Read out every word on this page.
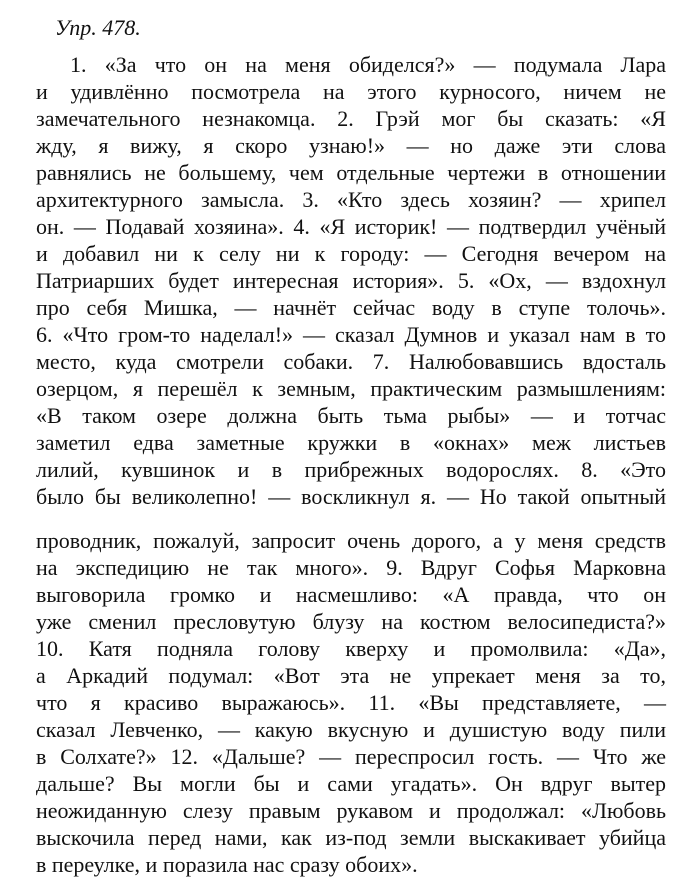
Упр. 478.
1. «За что он на меня обиделся?» — подумала Лара
и удивлённо посмотрела на этого курносого, ничем не
замечательного незнакомца. 2. Грэй мог бы сказать: «Я
жду, я вижу, я скоро узнаю!» — но даже эти слова
равнялись не большему, чем отдельные чертежи в отношении
архитектурного замысла. 3. «Кто здесь хозяин? — хрипел
он. — Подавай хозяина». 4. «Я историк! — подтвердил учёный
и добавил ни к селу ни к городу: — Сегодня вечером на
Патриарших будет интересная история». 5. «Ох, — вздохнул
про себя Мишка, — начнёт сейчас воду в ступе толочь».
6. «Что гром-то наделал!» — сказал Думнов и указал нам в то
место, куда смотрели собаки. 7. Налюбовавшись вдосталь
озерцом, я перешёл к земным, практическим размышлениям:
«В таком озере должна быть тьма рыбы» — и тотчас
заметил едва заметные кружки в «окнах» меж листьев
лилий, кувшинок и в прибрежных водорослях. 8. «Это
было бы великолепно! — воскликнул я. — Но такой опытный
проводник, пожалуй, запросит очень дорого, а у меня средств
на экспедицию не так много». 9. Вдруг Софья Марковна
выговорила громко и насмешливо: «А правда, что он
уже сменил пресловутую блузу на костюм велосипедиста?»
10. Катя подняла голову кверху и промолвила: «Да»,
а Аркадий подумал: «Вот эта не упрекает меня за то,
что я красиво выражаюсь». 11. «Вы представляете, —
сказал Левченко, — какую вкусную и душистую воду пили
в Солхате?» 12. «Дальше? — переспросил гость. — Что же
дальше? Вы могли бы и сами угадать». Он вдруг вытер
неожиданную слезу правым рукавом и продолжал: «Любовь
выскочила перед нами, как из-под земли выскакивает убийца
в переулке, и поразила нас сразу обоих».
